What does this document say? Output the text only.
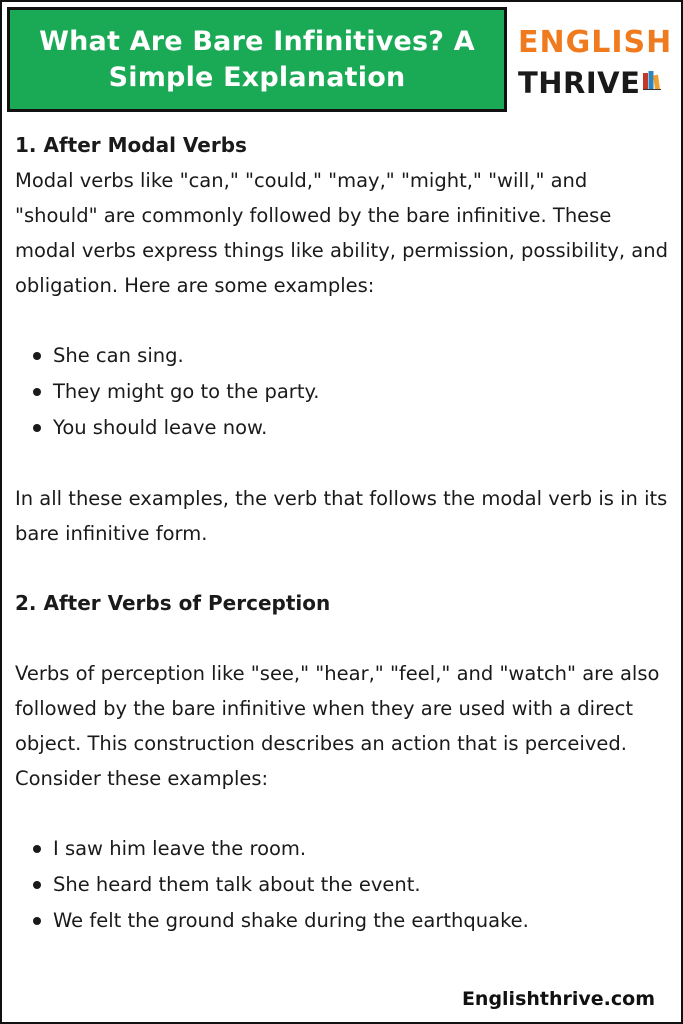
What Are Bare Infinitives? A Simple Explanation
ENGLISH
THRIVE
1. After Modal Verbs

Modal verbs like "can," "could," "may," "might," "will," and "should" are commonly followed by the bare infinitive. These modal verbs express things like ability, permission, possibility, and obligation. Here are some examples:

She can sing.
They might go to the party.
You should leave now.

In all these examples, the verb that follows the modal verb is in its bare infinitive form.

2. After Verbs of Perception

Verbs of perception like "see," "hear," "feel," and "watch" are also followed by the bare infinitive when they are used with a direct object. This construction describes an action that is perceived. Consider these examples:

I saw him leave the room.
She heard them talk about the event.
We felt the ground shake during the earthquake.
Englishthrive.com
